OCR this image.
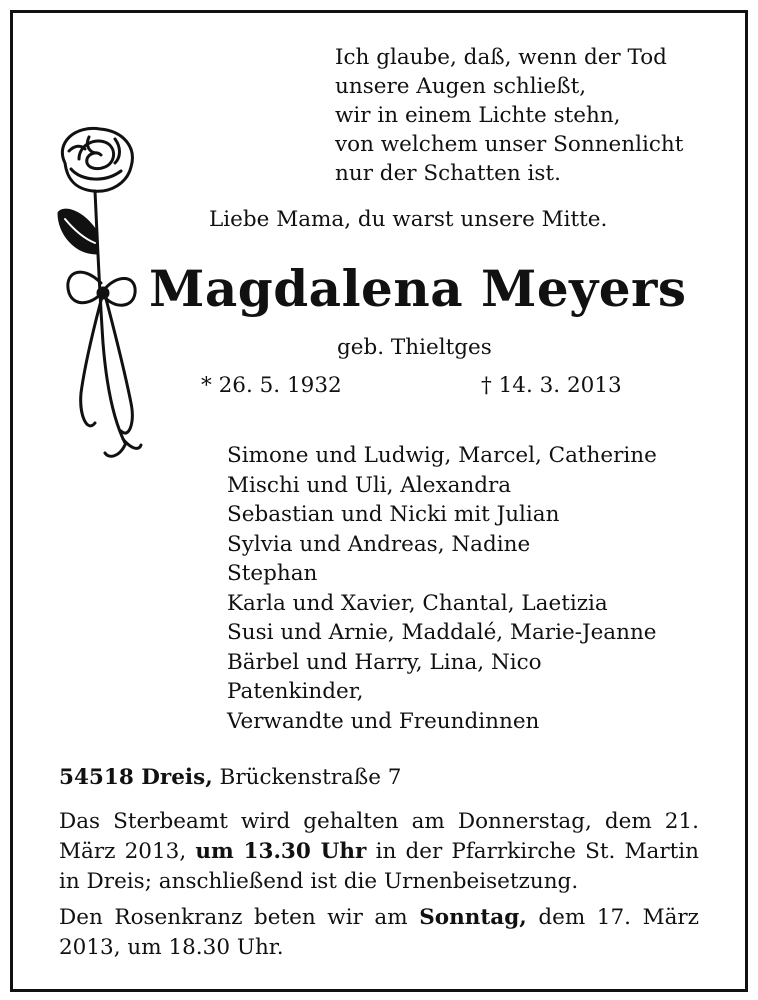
Ich glaube, daß, wenn der Tod
unsere Augen schließt,
wir in einem Lichte stehn,
von welchem unser Sonnenlicht
nur der Schatten ist.
Liebe Mama, du warst unsere Mitte.
Magdalena Meyers
geb. Thieltges
* 26. 5. 1932	† 14. 3. 2013
Simone und Ludwig, Marcel, Catherine
Mischi und Uli, Alexandra
Sebastian und Nicki mit Julian
Sylvia und Andreas, Nadine
Stephan
Karla und Xavier, Chantal, Laetizia
Susi und Arnie, Maddalé, Marie-Jeanne
Bärbel und Harry, Lina, Nico
Patenkinder,
Verwandte und Freundinnen
54518 Dreis, Brückenstraße 7
Das Sterbeamt wird gehalten am Donnerstag, dem 21. März 2013, um 13.30 Uhr in der Pfarrkirche St. Martin in Dreis; anschließend ist die Urnenbeisetzung.
Den Rosenkranz beten wir am Sonntag, dem 17. März 2013, um 18.30 Uhr.
